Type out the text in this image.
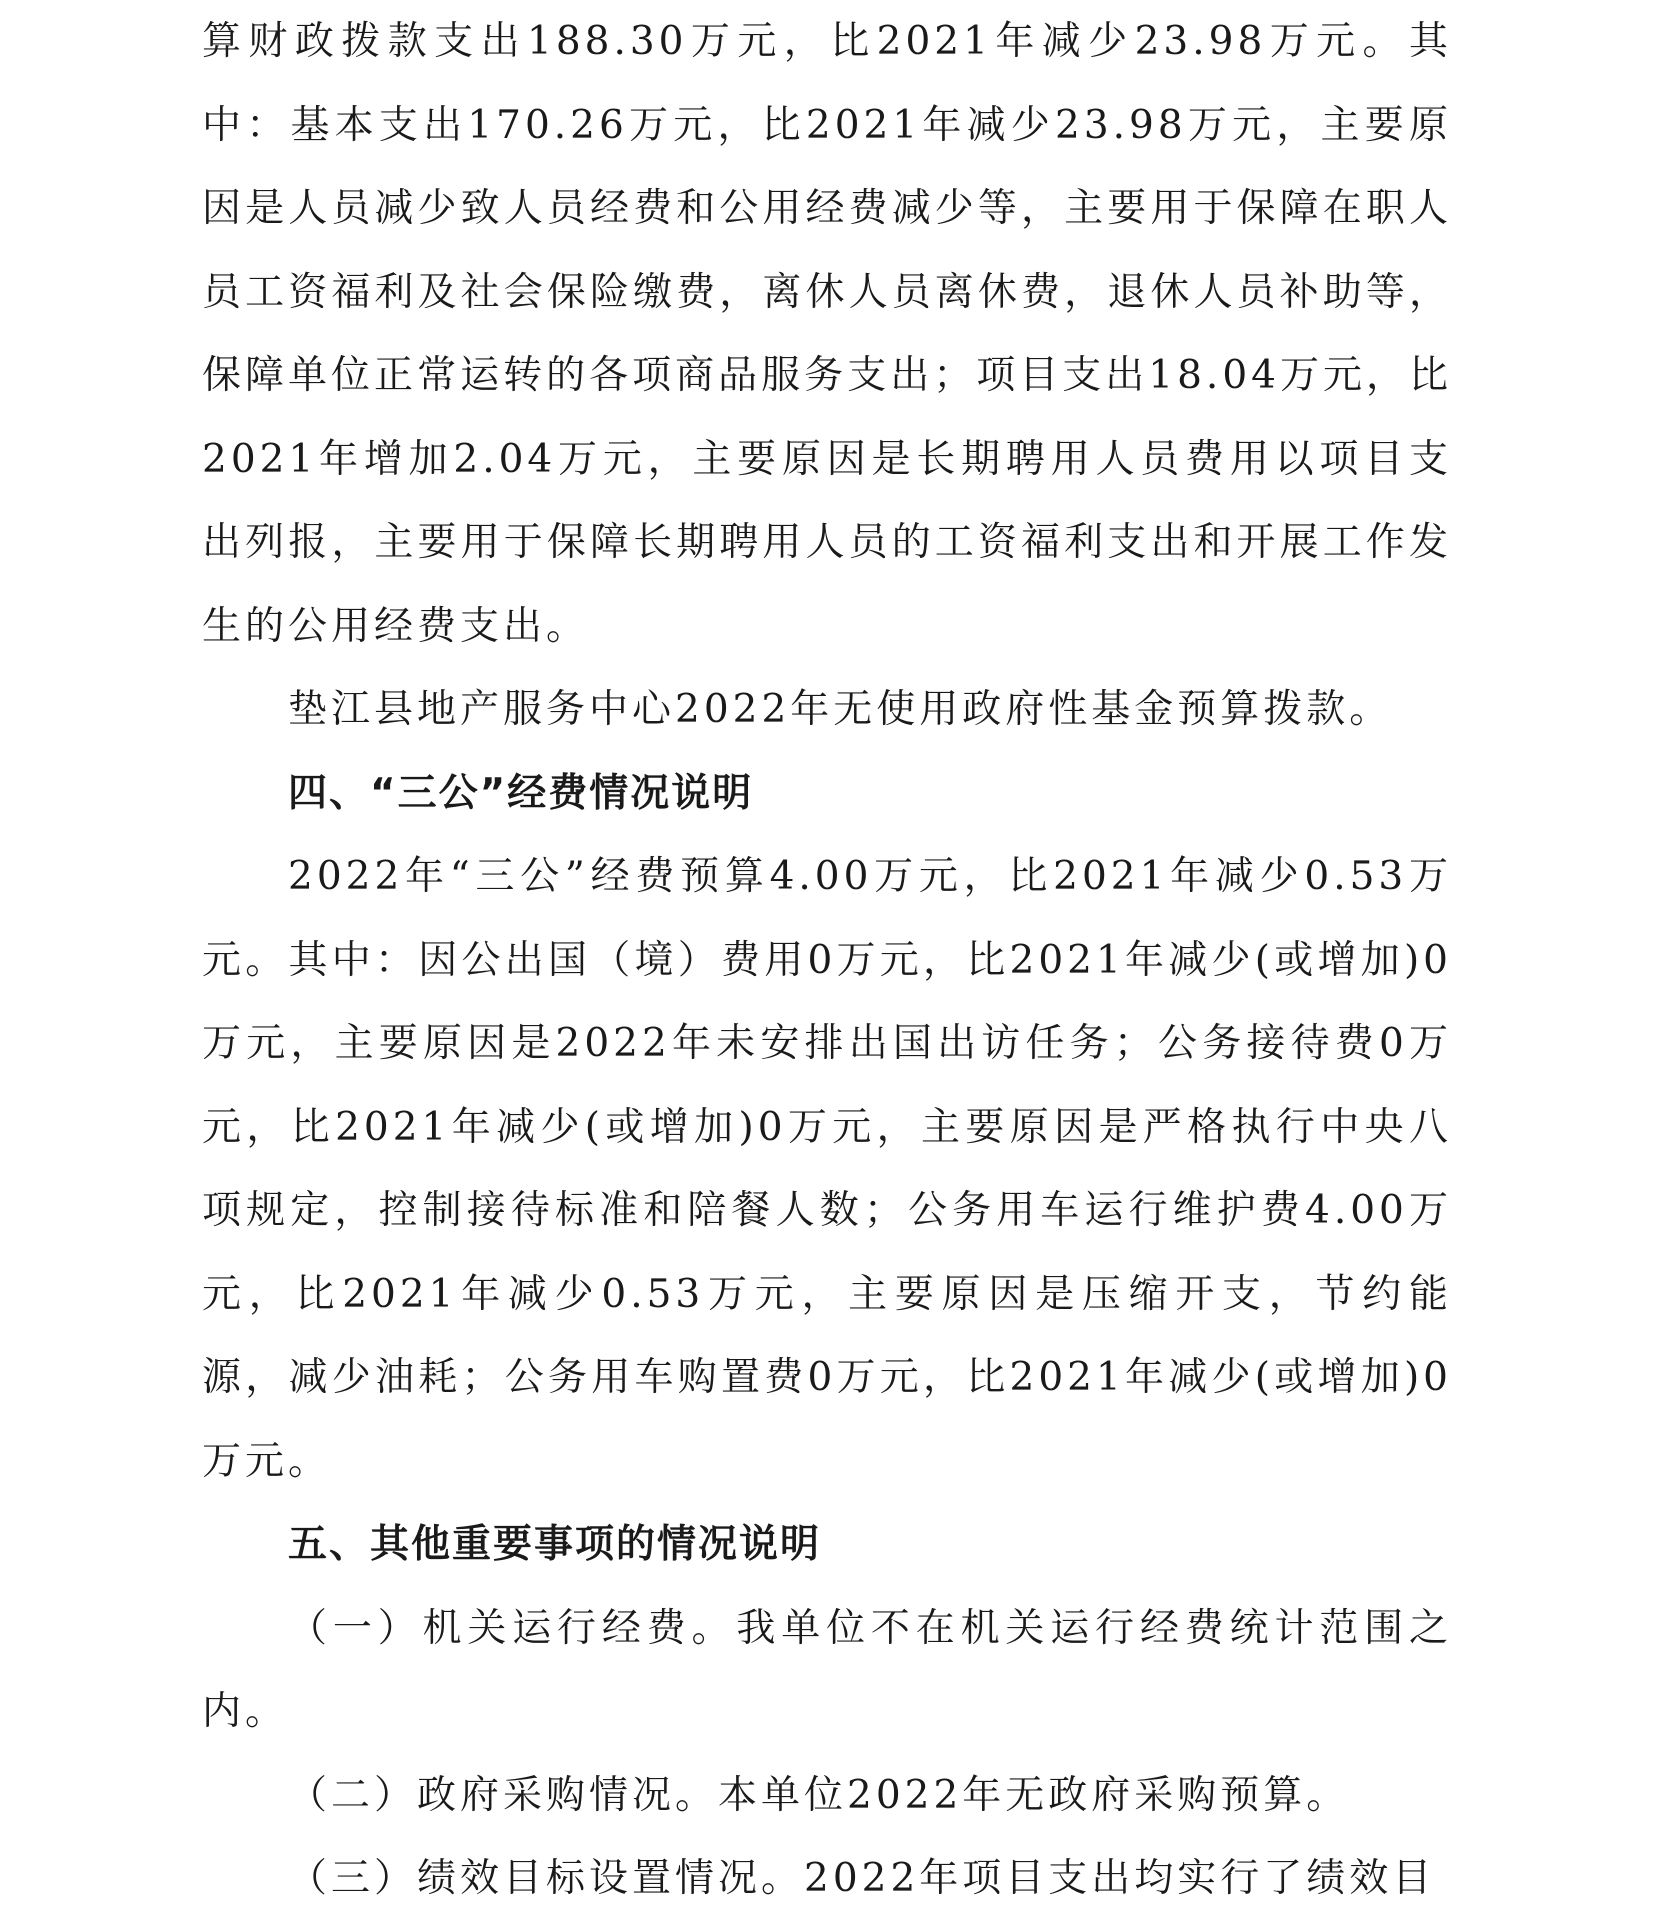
算财政拨款支出188.30万元，比2021年减少23.98万元。其中：基本支出170.26万元，比2021年减少23.98万元，主要原因是人员减少致人员经费和公用经费减少等，主要用于保障在职人员工资福利及社会保险缴费，离休人员离休费，退休人员补助等，保障单位正常运转的各项商品服务支出；项目支出18.04万元，比2021年增加2.04万元，主要原因是长期聘用人员费用以项目支出列报，主要用于保障长期聘用人员的工资福利支出和开展工作发生的公用经费支出。

垫江县地产服务中心2022年无使用政府性基金预算拨款。

四、“三公”经费情况说明

2022年“三公”经费预算4.00万元，比2021年减少0.53万元。其中：因公出国（境）费用0万元，比2021年减少(或增加)0万元，主要原因是2022年未安排出国出访任务；公务接待费0万元，比2021年减少(或增加)0万元，主要原因是严格执行中央八项规定，控制接待标准和陪餐人数；公务用车运行维护费4.00万元，比2021年减少0.53万元，主要原因是压缩开支，节约能源，减少油耗；公务用车购置费0万元，比2021年减少(或增加)0万元。

五、其他重要事项的情况说明

（一）机关运行经费。我单位不在机关运行经费统计范围之内。

（二）政府采购情况。本单位2022年无政府采购预算。

（三）绩效目标设置情况。2022年项目支出均实行了绩效目
